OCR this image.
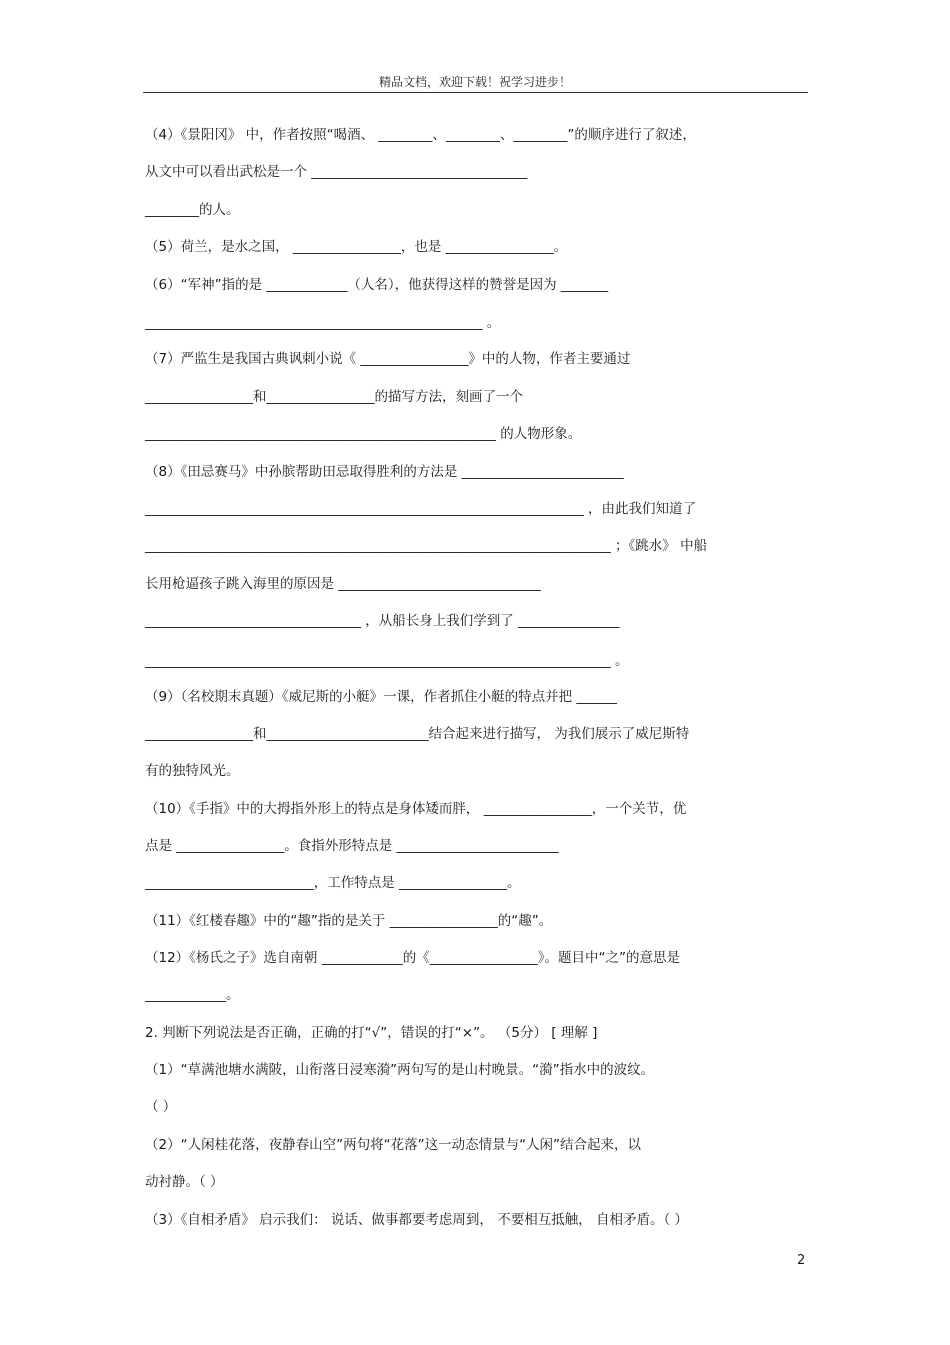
精品文档，欢迎下载！祝学习进步！
（4）《景阳冈》 中，作者按照“喝酒、 ________、________、________”的顺序进行了叙述，
从文中可以看出武松是一个 ________________________________
________的人。
（5）荷兰，是水之国， ________________，也是 ________________。
（6）“军神”指的是 ____________（人名），他获得这样的赞誉是因为 _______
__________________________________________________ 。
（7）严监生是我国古典讽刺小说《 ________________》中的人物，作者主要通过
________________和________________的描写方法，刻画了一个
____________________________________________________ 的人物形象。
（8）《田忌赛马》中孙膑帮助田忌取得胜利的方法是 ________________________
_________________________________________________________________ ，由此我们知道了
_____________________________________________________________________ ；《跳水》 中船
长用枪逼孩子跳入海里的原因是 ______________________________
________________________________ ，从船长身上我们学到了 _______________
_____________________________________________________________________ 。
（9）（名校期末真题）《威尼斯的小艇》一课，作者抓住小艇的特点并把 ______
________________和________________________结合起来进行描写， 为我们展示了威尼斯特
有的独特风光。
（10）《手指》中的大拇指外形上的特点是身体矮而胖， ________________，一个关节，优
点是 ________________。食指外形特点是 ________________________
_________________________，工作特点是 ________________。
（11）《红楼春趣》中的“趣”指的是关于 ________________的“趣”。
（12）《杨氏之子》选自南朝 ____________的《________________》。题目中“之”的意思是
____________。
2. 判断下列说法是否正确，正确的打“√”，错误的打“×”。 （5分） [ 理解 ]
（1）“草满池塘水满陂，山衔落日浸寒漪”两句写的是山村晚景。“漪”指水中的波纹。
（ ）
（2）“人闲桂花落，夜静春山空”两句将“花落”这一动态情景与“人闲”结合起来，以
动衬静。（ ）
（3）《自相矛盾》 启示我们： 说话、做事都要考虑周到， 不要相互抵触， 自相矛盾。（ ）
2
